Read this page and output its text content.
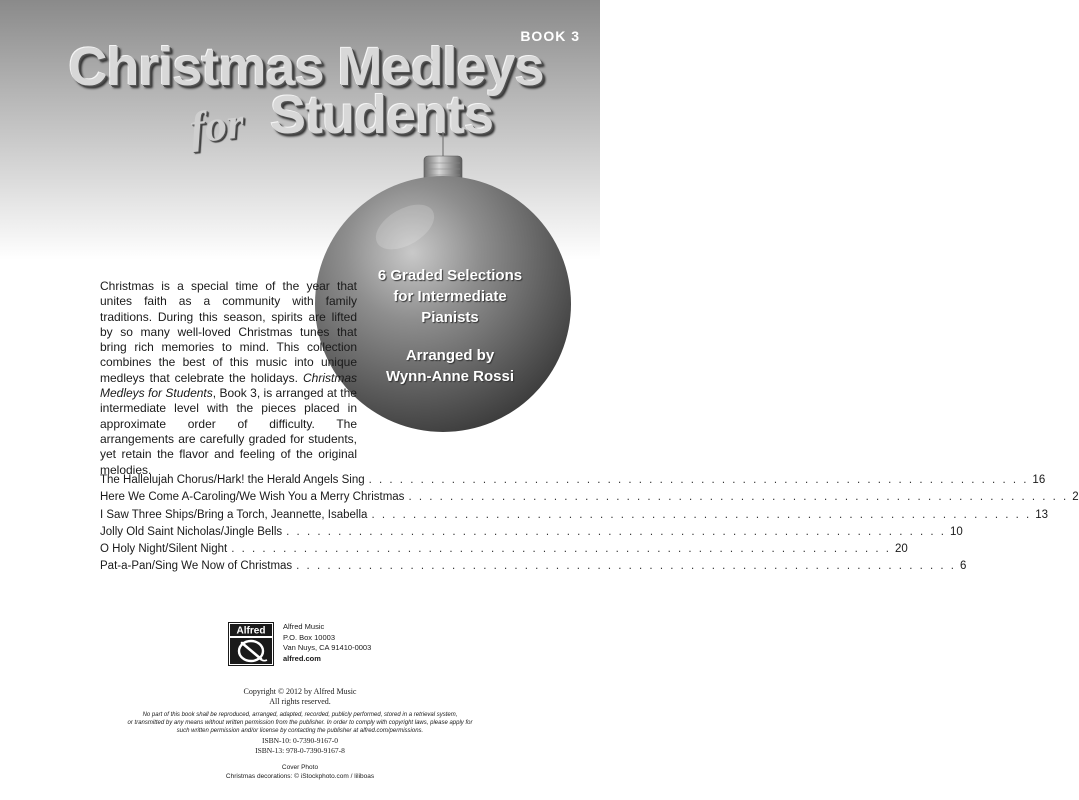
BOOK 3
Christmas Medleys
for Students
6 Graded Selections
for Intermediate
Pianists
Arranged by
Wynn-Anne Rossi
Christmas is a special time of the year that unites faith as a community with family traditions. During this season, spirits are lifted by so many well-loved Christmas tunes that bring rich memories to mind. This collection combines the best of this music into unique medleys that celebrate the holidays. Christmas Medleys for Students, Book 3, is arranged at the intermediate level with the pieces placed in approximate order of difficulty. The arrangements are carefully graded for students, yet retain the flavor and feeling of the original melodies.
The Hallelujah Chorus/Hark! the Herald Angels Sing . . . . . . . . . . . . . . . . . . . . . . . . . . . . . . . . . . . . . . . . . . . . . . . . . . . . . . . . . . . . . . . . 16
Here We Come A-Caroling/We Wish You a Merry Christmas . . . . . . . . . . . . . . . . . . . . . . . . . . . . . . . . . . . . . . . . . . . . . . . . . . . . . . . . . . . . . . . . 2
I Saw Three Ships/Bring a Torch, Jeannette, Isabella . . . . . . . . . . . . . . . . . . . . . . . . . . . . . . . . . . . . . . . . . . . . . . . . . . . . . . . . . . . . . . . . 13
Jolly Old Saint Nicholas/Jingle Bells . . . . . . . . . . . . . . . . . . . . . . . . . . . . . . . . . . . . . . . . . . . . . . . . . . . . . . . . . . . . . . . . 10
O Holy Night/Silent Night . . . . . . . . . . . . . . . . . . . . . . . . . . . . . . . . . . . . . . . . . . . . . . . . . . . . . . . . . . . . . . . . 20
Pat-a-Pan/Sing We Now of Christmas . . . . . . . . . . . . . . . . . . . . . . . . . . . . . . . . . . . . . . . . . . . . . . . . . . . . . . . . . . . . . . . . 6
Alfred Alfred Music
P.O. Box 10003
Van Nuys, CA 91410-0003
alfred.com
Copyright © 2012 by Alfred Music
All rights reserved.
No part of this book shall be reproduced, arranged, adapted, recorded, publicly performed, stored in a retrieval system,
or transmitted by any means without written permission from the publisher. In order to comply with copyright laws, please apply for
such written permission and/or license by contacting the publisher at alfred.com/permissions.
ISBN-10: 0-7390-9167-0
ISBN-13: 978-0-7390-9167-8
Cover Photo
Christmas decorations: © iStockphoto.com / liliboas
